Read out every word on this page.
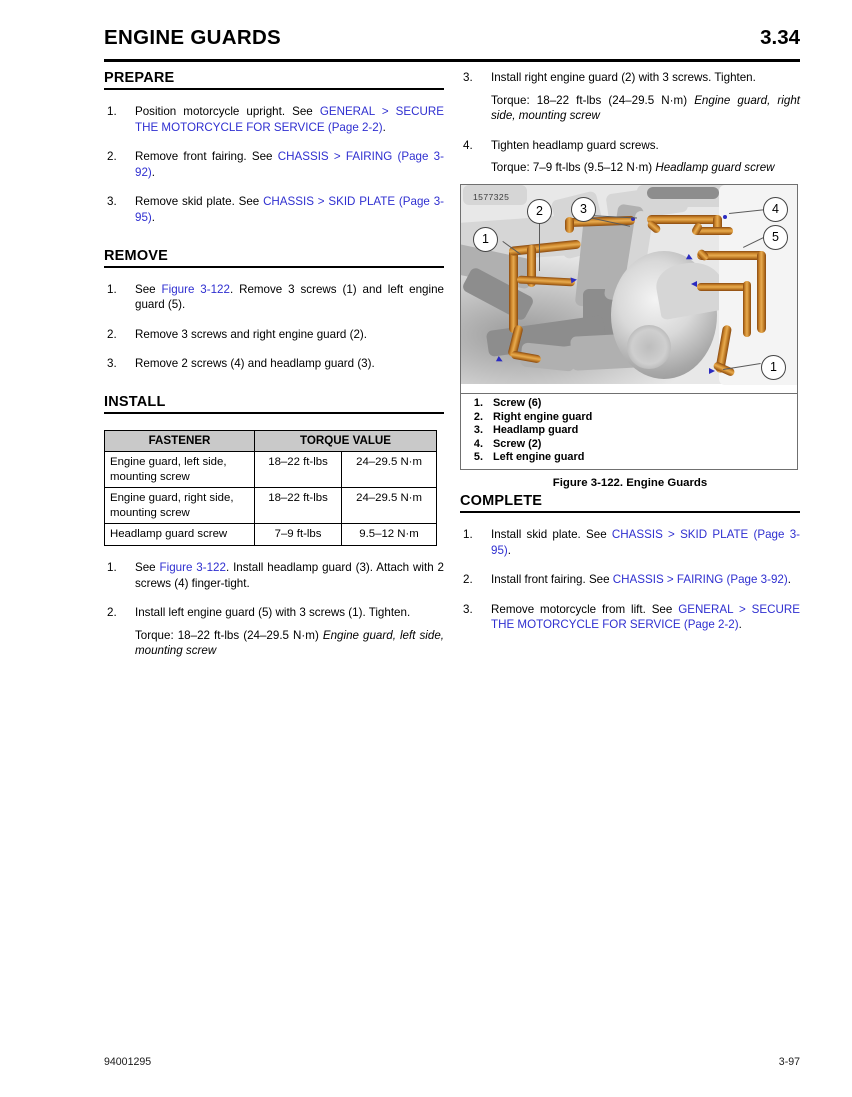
ENGINE GUARDS	3.34
PREPARE
1.	Position motorcycle upright. See GENERAL > SECURE THE MOTORCYCLE FOR SERVICE (Page 2-2).
2.	Remove front fairing. See CHASSIS > FAIRING (Page 3-92).
3.	Remove skid plate. See CHASSIS > SKID PLATE (Page 3-95).
REMOVE
1.	See Figure 3-122. Remove 3 screws (1) and left engine guard (5).
2.	Remove 3 screws and right engine guard (2).
3.	Remove 2 screws (4) and headlamp guard (3).
INSTALL
FASTENER	TORQUE VALUE	
Engine guard, left side, mounting screw	18–22 ft-lbs	24–29.5 N·m
Engine guard, right side, mounting screw	18–22 ft-lbs	24–29.5 N·m
Headlamp guard screw	7–9 ft-lbs	9.5–12 N·m
1.	See Figure 3-122. Install headlamp guard (3). Attach with 2 screws (4) finger-tight.
2.	Install left engine guard (5) with 3 screws (1). Tighten.
Torque: 18–22 ft-lbs (24–29.5 N·m) Engine guard, left side, mounting screw
3.	Install right engine guard (2) with 3 screws. Tighten.
Torque: 18–22 ft-lbs (24–29.5 N·m) Engine guard, right side, mounting screw
4.	Tighten headlamp guard screws.
Torque: 7–9 ft-lbs (9.5–12 N·m) Headlamp guard screw
1577325
1
2	3	4
5
1
1. Screw (6)
2. Right engine guard
3. Headlamp guard
4. Screw (2)
5. Left engine guard
Figure 3-122. Engine Guards
COMPLETE
1.	Install skid plate. See CHASSIS > SKID PLATE (Page 3-95).
2.	Install front fairing. See CHASSIS > FAIRING (Page 3-92).
3.	Remove motorcycle from lift. See GENERAL > SECURE THE MOTORCYCLE FOR SERVICE (Page 2-2).
94001295	3-97
